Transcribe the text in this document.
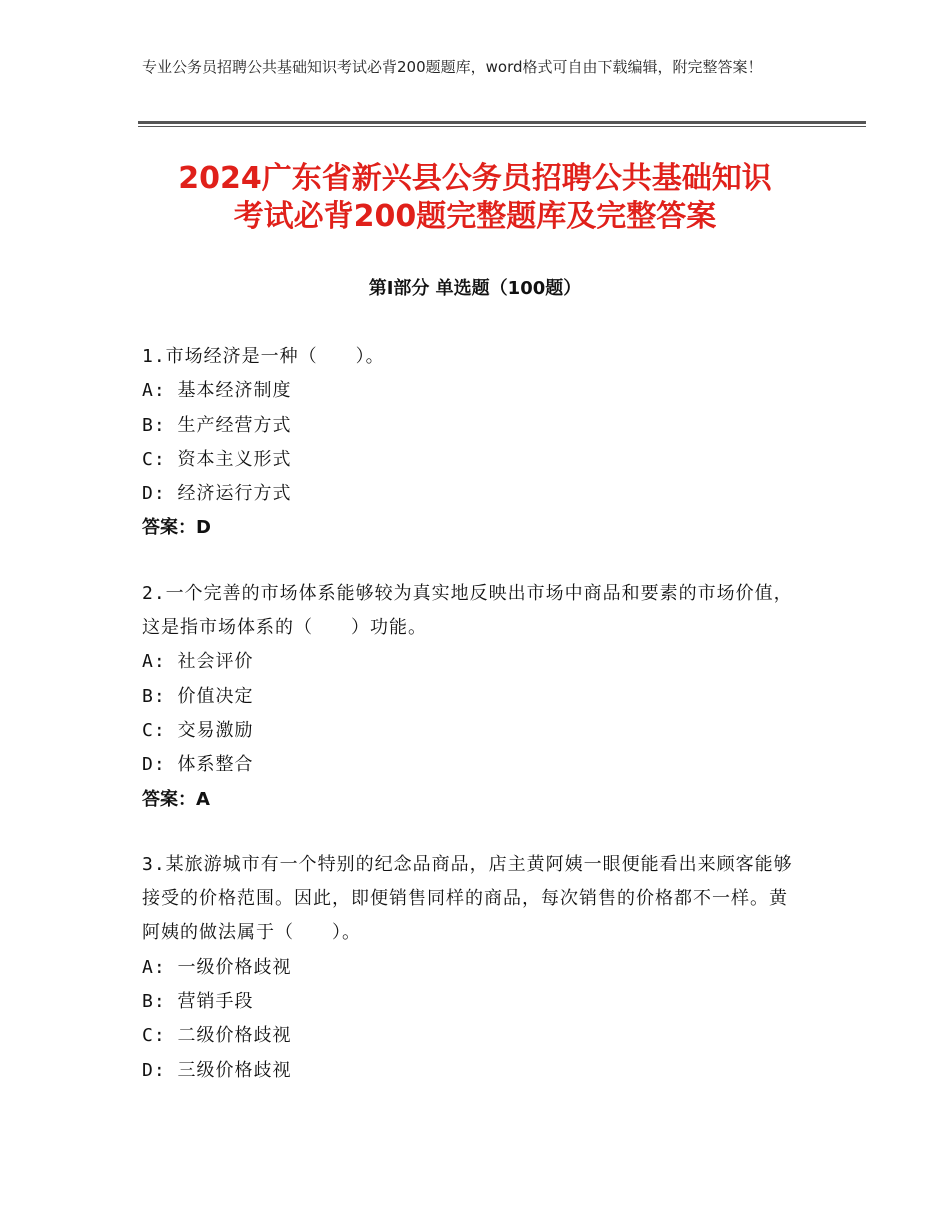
专业公务员招聘公共基础知识考试必背200题题库，word格式可自由下载编辑，附完整答案！
2024广东省新兴县公务员招聘公共基础知识
考试必背200题完整题库及完整答案
第Ⅰ部分 单选题（100题）

1.市场经济是一种（　　）。

A: 基本经济制度

B: 生产经营方式

C: 资本主义形式

D: 经济运行方式

答案：D

2.一个完善的市场体系能够较为真实地反映出市场中商品和要素的市场价值，这是指市场体系的（　　）功能。

A: 社会评价

B: 价值决定

C: 交易激励

D: 体系整合

答案：A

3.某旅游城市有一个特别的纪念品商品，店主黄阿姨一眼便能看出来顾客能够接受的价格范围。因此，即便销售同样的商品，每次销售的价格都不一样。黄阿姨的做法属于（　　）。

A: 一级价格歧视

B: 营销手段

C: 二级价格歧视

D: 三级价格歧视
